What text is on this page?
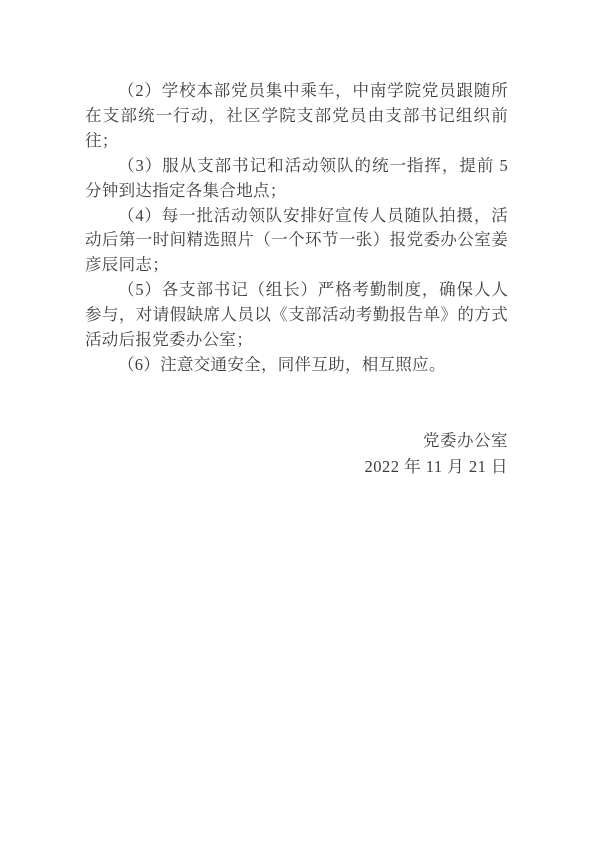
（2）学校本部党员集中乘车，中南学院党员跟随所在支部统一行动，社区学院支部党员由支部书记组织前往；

（3）服从支部书记和活动领队的统一指挥，提前 5 分钟到达指定各集合地点；

（4）每一批活动领队安排好宣传人员随队拍摄，活动后第一时间精选照片（一个环节一张）报党委办公室姜彦辰同志；

（5）各支部书记（组长）严格考勤制度，确保人人参与，对请假缺席人员以《支部活动考勤报告单》的方式活动后报党委办公室；

（6）注意交通安全，同伴互助，相互照应。

党委办公室
2022 年 11 月 21 日
